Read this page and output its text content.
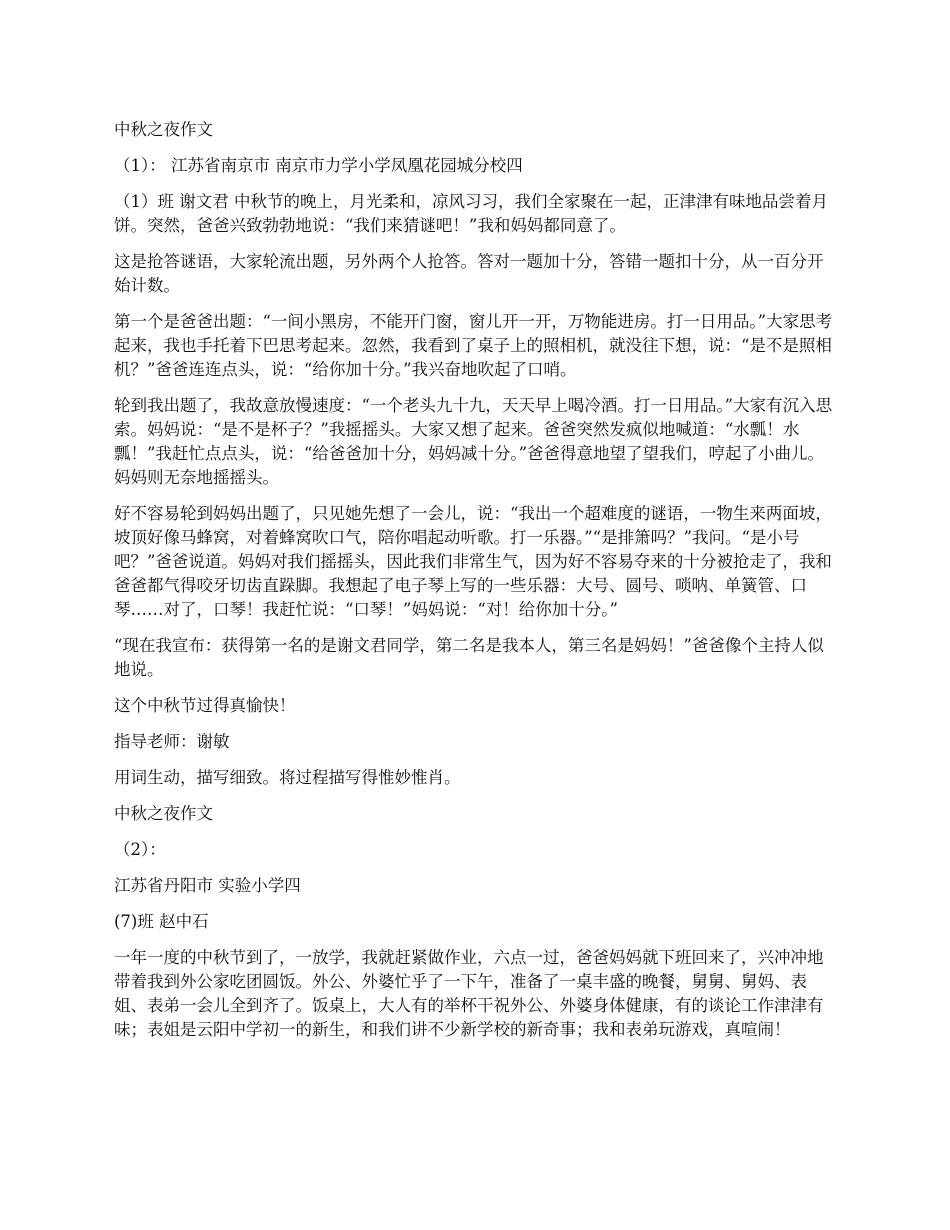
中秋之夜作文

（1）： 江苏省南京市 南京市力学小学凤凰花园城分校四

（1）班 谢文君 中秋节的晚上，月光柔和，凉风习习，我们全家聚在一起，正津津有味地品尝着月饼。突然，爸爸兴致勃勃地说：“我们来猜谜吧！”我和妈妈都同意了。

这是抢答谜语，大家轮流出题，另外两个人抢答。答对一题加十分，答错一题扣十分，从一百分开始计数。

第一个是爸爸出题：“一间小黑房，不能开门窗，窗儿开一开，万物能进房。打一日用品。”大家思考起来，我也手托着下巴思考起来。忽然，我看到了桌子上的照相机，就没往下想，说：“是不是照相机？”爸爸连连点头，说：“给你加十分。”我兴奋地吹起了口哨。

轮到我出题了，我故意放慢速度：“一个老头九十九，天天早上喝冷酒。打一日用品。”大家有沉入思索。妈妈说：“是不是杯子？”我摇摇头。大家又想了起来。爸爸突然发疯似地喊道：“水瓢！水瓢！”我赶忙点点头，说：“给爸爸加十分，妈妈减十分。”爸爸得意地望了望我们，哼起了小曲儿。妈妈则无奈地摇摇头。

好不容易轮到妈妈出题了，只见她先想了一会儿，说：“我出一个超难度的谜语，一物生来两面坡，坡顶好像马蜂窝，对着蜂窝吹口气，陪你唱起动听歌。打一乐器。”“是排箫吗？”我问。“是小号吧？”爸爸说道。妈妈对我们摇摇头，因此我们非常生气，因为好不容易夺来的十分被抢走了，我和爸爸都气得咬牙切齿直跺脚。我想起了电子琴上写的一些乐器：大号、圆号、唢呐、单簧管、口琴……对了，口琴！我赶忙说：“口琴！”妈妈说：“对！给你加十分。”

“现在我宣布：获得第一名的是谢文君同学，第二名是我本人，第三名是妈妈！”爸爸像个主持人似地说。

这个中秋节过得真愉快！

指导老师：谢敏

用词生动，描写细致。将过程描写得惟妙惟肖。

中秋之夜作文

（2）：

江苏省丹阳市 实验小学四

(7)班 赵中石

一年一度的中秋节到了，一放学，我就赶紧做作业，六点一过，爸爸妈妈就下班回来了，兴冲冲地带着我到外公家吃团圆饭。外公、外婆忙乎了一下午，准备了一桌丰盛的晚餐，舅舅、舅妈、表姐、表弟一会儿全到齐了。饭桌上，大人有的举杯干祝外公、外婆身体健康，有的谈论工作津津有味；表姐是云阳中学初一的新生，和我们讲不少新学校的新奇事；我和表弟玩游戏，真喧闹！
